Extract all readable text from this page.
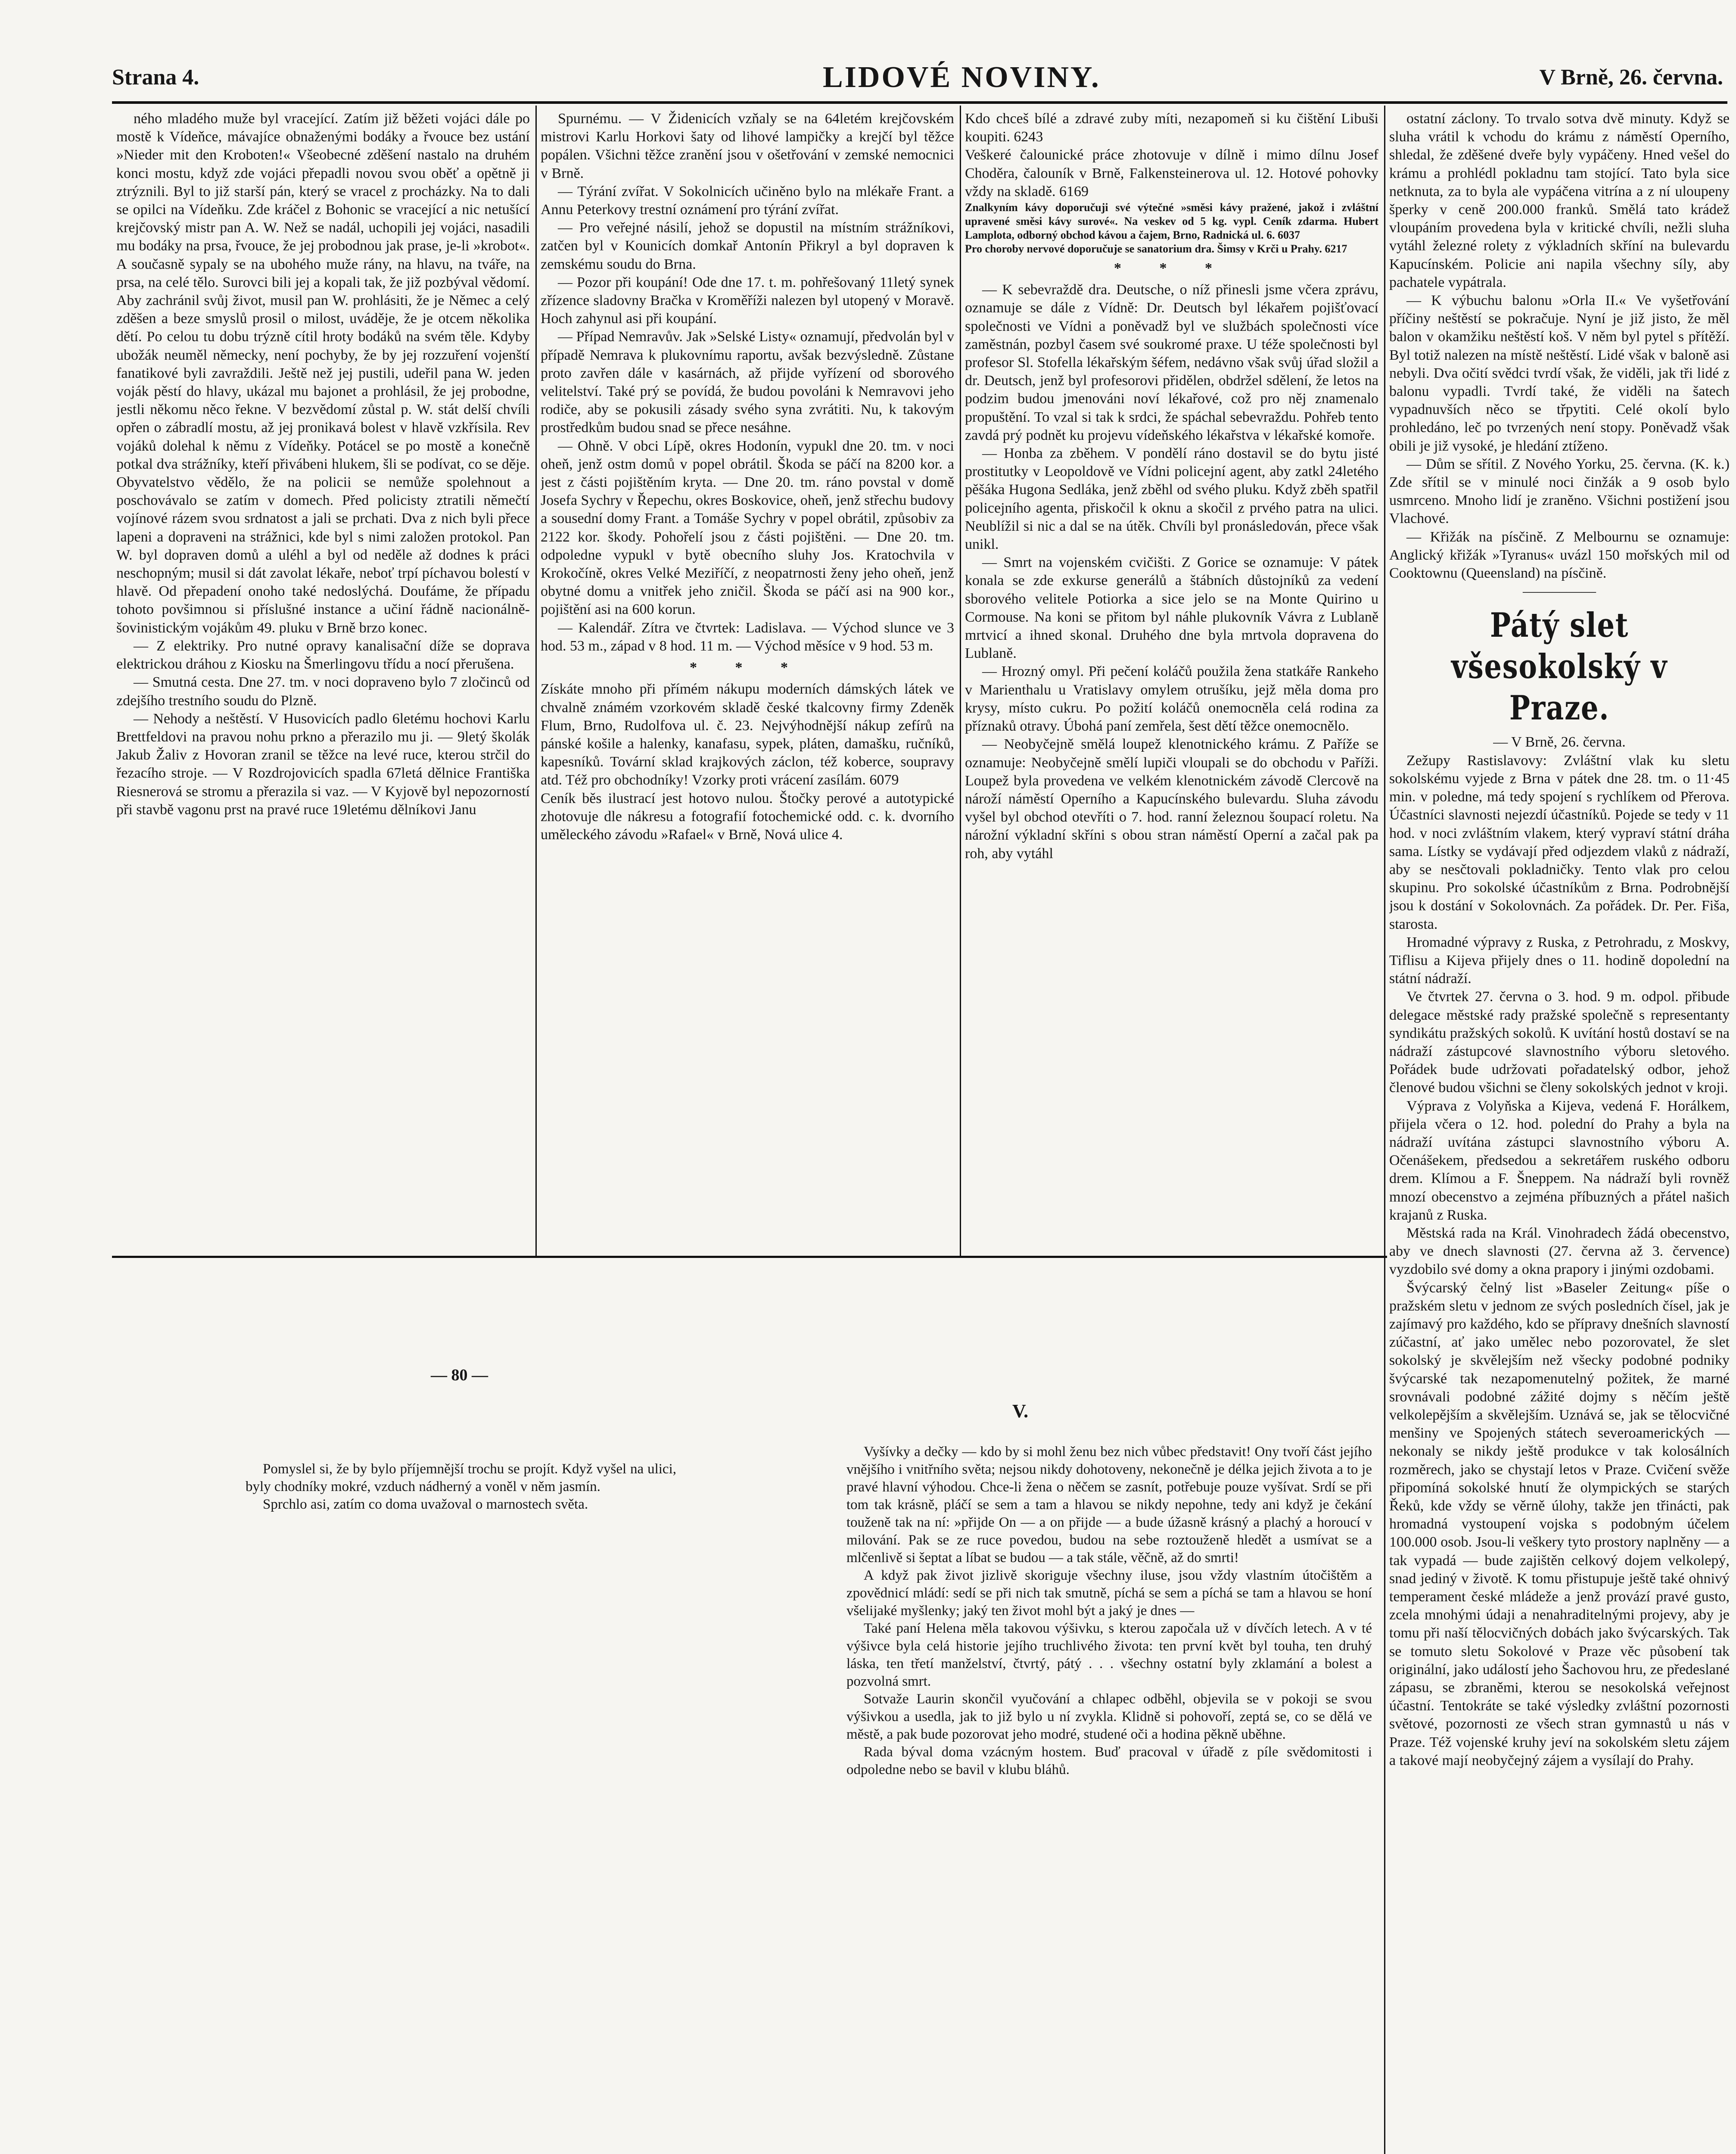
Strana 4.	LIDOVÉ NOVINY.	V Brně, 26. června.

ného mladého muže byl vracející. Zatím již běžeti vojáci dále po mostě k Vídeňce, mávajíce obnaženými bodáky a řvouce bez ustání »Nieder mit den Kroboten!« Všeobecné zděšení nastalo na druhém konci mostu, když zde vojáci přepadli novou svou oběť a opětně ji ztrýznili. Byl to již starší pán, který se vracel z procházky. Na to dali se opilci na Vídeňku. Zde kráčel z Bohonic se vracející a nic netušící krejčovský mistr pan A. W. Než se nadál, uchopili jej vojáci, nasadili mu bodáky na prsa, řvouce, že jej probodnou jak prase, je-li »krobot«. A současně sypaly se na ubohého muže rány, na hlavu, na tváře, na prsa, na celé tělo. Surovci bili jej a kopali tak, že již pozbýval vědomí. Aby zachránil svůj život, musil pan W. prohlásiti, že je Němec a celý zděšen a beze smyslů prosil o milost, uváděje, že je otcem několika dětí. Po celou tu dobu trýzně cítil hroty bodáků na svém těle. Kdyby ubožák neuměl německy, není pochyby, že by jej rozzuření vojenští fanatikové byli zavraždili. Ještě než jej pustili, udeřil pana W. jeden voják pěstí do hlavy, ukázal mu bajonet a prohlásil, že jej probodne, jestli někomu něco řekne. V bezvědomí zůstal p. W. stát delší chvíli opřen o zábradlí mostu, až jej pronikavá bolest v hlavě vzkřísila. Rev vojáků dolehal k němu z Vídeňky. Potácel se po mostě a konečně potkal dva strážníky, kteří přivábeni hlukem, šli se podívat, co se děje. Obyvatelstvo vědělo, že na policii se nemůže spolehnout a poschovávalo se zatím v domech. Před policisty ztratili němečtí vojínové rázem svou srdnatost a jali se prchati. Dva z nich byli přece lapeni a dopraveni na strážnici, kde byl s nimi založen protokol. Pan W. byl dopraven domů a uléhl a byl od neděle až dodnes k práci neschopným; musil si dát zavolat lékaře, neboť trpí píchavou bolestí v hlavě. Od přepadení onoho také nedoslýchá. Doufáme, že případu tohoto povšimnou si příslušné instance a učiní řádně nacionálně-šovinistickým vojákům 49. pluku v Brně brzo konec.

— Z elektriky. Pro nutné opravy kanalisační díže se doprava elektrickou dráhou z Kiosku na Šmerlingovu třídu a nocí přerušena.

— Smutná cesta. Dne 27. tm. v noci dopraveno bylo 7 zločinců od zdejšího trestního soudu do Plzně.

— Nehody a neštěstí. V Husovicích padlo 6letému hochovi Karlu Brettfeldovi na pravou nohu prkno a přerazilo mu ji. — 9letý školák Jakub Žaliv z Hovoran zranil se těžce na levé ruce, kterou strčil do řezacího stroje. — V Rozdrojovicích spadla 67letá dělnice Františka Riesnerová se stromu a přerazila si vaz. — V Kyjově byl nepozorností při stavbě vagonu prst na pravé ruce 19letému dělníkovi Janu

Spurnému. — V Židenicích vzňaly se na 64letém krejčovském mistrovi Karlu Horkovi šaty od lihové lampičky a krejčí byl těžce popálen. Všichni těžce zranění jsou v ošetřování v zemské nemocnici v Brně.

— Týrání zvířat. V Sokolnicích učiněno bylo na mlékaře Frant. a Annu Peterkovy trestní oznámení pro týrání zvířat.

— Pro veřejné násilí, jehož se dopustil na místním strážníkovi, zatčen byl v Kounicích domkař Antonín Přikryl a byl dopraven k zemskému soudu do Brna.

— Pozor při koupání! Ode dne 17. t. m. pohřešovaný 11letý synek zřízence sladovny Bračka v Kroměříži nalezen byl utopený v Moravě. Hoch zahynul asi při koupání.

— Případ Nemravův. Jak »Selské Listy« oznamují, předvolán byl v případě Nemrava k plukovnímu raportu, avšak bezvýsledně. Zůstane proto zavřen dále v kasárnách, až přijde vyřízení od sborového velitelství. Také prý se povídá, že budou povoláni k Nemravovi jeho rodiče, aby se pokusili zásady svého syna zvrátiti. Nu, k takovým prostředkům budou snad se přece nesáhne.

— Ohně. V obci Lípě, okres Hodonín, vypukl dne 20. tm. v noci oheň, jenž ostm domů v popel obrátil. Škoda se páčí na 8200 kor. a jest z části pojištěním kryta. — Dne 20. tm. ráno povstal v domě Josefa Sychry v Řepechu, okres Boskovice, oheň, jenž střechu budovy a sousední domy Frant. a Tomáše Sychry v popel obrátil, způsobiv za 2122 kor. škody. Pohořelí jsou z části pojištěni. — Dne 20. tm. odpoledne vypukl v bytě obecního sluhy Jos. Kratochvila v Krokočíně, okres Velké Meziříčí, z neopatrnosti ženy jeho oheň, jenž obytné domu a vnitřek jeho zničil. Škoda se páčí asi na 900 kor., pojištění asi na 600 korun.

— Kalendář. Zítra ve čtvrtek: Ladislava. — Východ slunce ve 3 hod. 53 m., západ v 8 hod. 11 m. — Východ měsíce v 9 hod. 53 m.

* * *

Získáte mnoho při přímém nákupu moderních dámských látek ve chvalně známém vzorkovém skladě české tkalcovny firmy Zdeněk Flum, Brno, Rudolfova ul. č. 23. Nejvýhodnější nákup zefírů na pánské košile a halenky, kanafasu, sypek, pláten, damašku, ručníků, kapesníků. Tovární sklad krajkových záclon, též koberce, soupravy atd. Též pro obchodníky! Vzorky proti vrácení zasílám. 6079

Ceník běs ilustrací jest hotovo nulou. Štočky perové a autotypické zhotovuje dle nákresu a fotografií fotochemické odd. c. k. dvorního uměleckého závodu »Rafael« v Brně, Nová ulice 4.

Kdo chceš bílé a zdravé zuby míti, nezapomeň si ku čištění Libuši koupiti. 6243

Veškeré čalounické práce zhotovuje v dílně i mimo dílnu Josef Choděra, čalouník v Brně, Falkensteinerova ul. 12. Hotové pohovky vždy na skladě. 6169

Znalkyním kávy doporučuji své výtečné »směsi kávy pražené, jakož i zvláštní upravené směsi kávy surové«. Na veskev od 5 kg. vypl. Ceník zdarma. Hubert Lamplota, odborný obchod kávou a čajem, Brno, Radnická ul. 6. 6037

Pro choroby nervové doporučuje se sanatorium dra. Šimsy v Krči u Prahy. 6217

* * *

— K sebevraždě dra. Deutsche, o níž přinesli jsme včera zprávu, oznamuje se dále z Vídně: Dr. Deutsch byl lékařem pojišťovací společnosti ve Vídni a poněvadž byl ve službách společnosti více zaměstnán, pozbyl časem své soukromé praxe. U téže společnosti byl profesor Sl. Stofella lékařským šéfem, nedávno však svůj úřad složil a dr. Deutsch, jenž byl profesorovi přidělen, obdržel sdělení, že letos na podzim budou jmenováni noví lékařové, což pro něj znamenalo propuštění. To vzal si tak k srdci, že spáchal sebevraždu. Pohřeb tento zavdá prý podnět ku projevu vídeňského lékařstva v lékařské komoře.

— Honba za zběhem. V pondělí ráno dostavil se do bytu jisté prostitutky v Leopoldově ve Vídni policejní agent, aby zatkl 24letého pěšáka Hugona Sedláka, jenž zběhl od svého pluku. Když zběh spatřil policejního agenta, přiskočil k oknu a skočil z prvého patra na ulici. Neublížil si nic a dal se na útěk. Chvíli byl pronásledován, přece však unikl.

— Smrt na vojenském cvičišti. Z Gorice se oznamuje: V pátek konala se zde exkurse generálů a štábních důstojníků za vedení sborového velitele Potiorka a sice jelo se na Monte Quirino u Cormouse. Na koni se přitom byl náhle plukovník Vávra z Lublaně mrtvicí a ihned skonal. Druhého dne byla mrtvola dopravena do Lublaně.

— Hrozný omyl. Při pečení koláčů použila žena statkáře Rankeho v Marienthalu u Vratislavy omylem otrušíku, jejž měla doma pro krysy, místo cukru. Po požití koláčů onemocněla celá rodina za příznaků otravy. Úbohá paní zemřela, šest dětí těžce onemocnělo.

— Neobyčejně smělá loupež klenotnického krámu. Z Paříže se oznamuje: Neobyčejně smělí lupiči vloupali se do obchodu v Paříži. Loupež byla provedena ve velkém klenotnickém závodě Clercově na nároží náměstí Operního a Kapucínského bulevardu. Sluha závodu vyšel byl obchod otevříti o 7. hod. ranní železnou šoupací roletu. Na nárožní výkladní skříni s obou stran náměstí Operní a začal pak pa roh, aby vytáhl

ostatní záclony. To trvalo sotva dvě minuty. Když se sluha vrátil k vchodu do krámu z náměstí Operního, shledal, že zděšené dveře byly vypáčeny. Hned vešel do krámu a prohlédl pokladnu tam stojící. Tato byla sice netknuta, za to byla ale vypáčena vitrína a z ní uloupeny šperky v ceně 200.000 franků. Smělá tato krádež vloupáním provedena byla v kritické chvíli, nežli sluha vytáhl železné rolety z výkladních skříní na bulevardu Kapucínském. Policie ani napila všechny síly, aby pachatele vypátrala.

— K výbuchu balonu »Orla II.« Ve vyšetřování příčiny neštěstí se pokračuje. Nyní je již jisto, že měl balon v okamžiku neštěstí koš. V něm byl pytel s přítěží. Byl totiž nalezen na místě neštěstí. Lidé však v baloně asi nebyli. Dva očití svědci tvrdí však, že viděli, jak tři lidé z balonu vypadli. Tvrdí také, že viděli na šatech vypadnuvších něco se třpytiti. Celé okolí bylo prohledáno, leč po tvrzených není stopy. Poněvadž však obili je již vysoké, je hledání ztíženo.

— Dům se sřítil. Z Nového Yorku, 25. června. (K. k.) Zde sřítil se v minulé noci činžák a 9 osob bylo usmrceno. Mnoho lidí je zraněno. Všichni postižení jsou Vlachové.

— Křižák na písčině. Z Melbournu se oznamuje: Anglický křižák »Tyranus« uvázl 150 mořských mil od Cooktownu (Queensland) na písčině.

—————

Pátý slet všesokolský v Praze.

— V Brně, 26. června.

Zežupy Rastislavovy: Zvláštní vlak ku sletu sokolskému vyjede z Brna v pátek dne 28. tm. o 11·45 min. v poledne, má tedy spojení s rychlíkem od Přerova. Účastníci slavnosti nejezdí účastníků. Pojede se tedy v 11 hod. v noci zvláštním vlakem, který vypraví státní dráha sama. Lístky se vydávají před odjezdem vlaků z nádraží, aby se nesčtovali pokladničky. Tento vlak pro celou skupinu. Pro sokolské účastníkům z Brna. Podrobnější jsou k dostání v Sokolovnách. Za pořádek. Dr. Per. Fiša, starosta.

Hromadné výpravy z Ruska, z Petrohradu, z Moskvy, Tiflisu a Kijeva přijely dnes o 11. hodině dopolední na státní nádraží.

Ve čtvrtek 27. června o 3. hod. 9 m. odpol. přibude delegace městské rady pražské společně s representanty syndikátu pražských sokolů. K uvítání hostů dostaví se na nádraží zástupcové slavnostního výboru sletového. Pořádek bude udržovati pořadatelský odbor, jehož členové budou všichni se členy sokolských jednot v kroji.

Výprava z Volyňska a Kijeva, vedená F. Horálkem, přijela včera o 12. hod. polední do Prahy a byla na nádraží uvítána zástupci slavnostního výboru A. Očenášekem, předsedou a sekretářem ruského odboru drem. Klímou a F. Šneppem. Na nádraží byli rovněž mnozí obecenstvo a zejména příbuzných a přátel našich krajanů z Ruska.

Městská rada na Král. Vinohradech žádá obecenstvo, aby ve dnech slavnosti (27. června až 3. července) vyzdobilo své domy a okna prapory i jinými ozdobami.

Švýcarský čelný list »Baseler Zeitung« píše o pražském sletu v jednom ze svých posledních čísel, jak je zajímavý pro každého, kdo se přípravy dnešních slavností zúčastní, ať jako umělec nebo pozorovatel, že slet sokolský je skvělejším než všecky podobné podniky švýcarské tak nezapomenutelný požitek, že marné srovnávali podobné zážité dojmy s něčím ještě velkolepějším a skvělejším. Uznává se, jak se tělocvičné menšiny ve Spojených státech severoamerických — nekonaly se nikdy ještě produkce v tak kolosálních rozměrech, jako se chystají letos v Praze. Cvičení svěže připomíná sokolské hnutí že olympických se starých Řeků, kde vždy se věrně úlohy, takže jen třinácti, pak hromadná vystoupení vojska s podobným účelem 100.000 osob. Jsou-li veškery tyto prostory naplněny — a tak vypadá — bude zajištěn celkový dojem velkolepý, snad jediný v životě. K tomu přistupuje ještě také ohnivý temperament české mládeže a jenž provází pravé gusto, zcela mnohými údaji a nenahraditelnými projevy, aby je tomu při naší tělocvičných dobách jako švýcarských. Tak se tomuto sletu Sokolové v Praze věc působení tak originální, jako událostí jeho Šachovou hru, ze předeslané zápasu, se zbraněmi, kterou se nesokolská veřejnost účastní. Tentokráte se také výsledky zvláštní pozornosti světové, pozornosti ze všech stran gymnastů u nás v Praze. Též vojenské kruhy jeví na sokolském sletu zájem a takové mají neobyčejný zájem a vysílají do Prahy.

— 80 —
V.

Pomyslel si, že by bylo příjemnější trochu se projít. Když vyšel na ulici, byly chodníky mokré, vzduch nádherný a voněl v něm jasmín.

Sprchlo asi, zatím co doma uvažoval o marnostech světa.

Vyšívky a dečky — kdo by si mohl ženu bez nich vůbec představit! Ony tvoří část jejího vnějšího i vnitřního světa; nejsou nikdy dohotoveny, nekonečně je délka jejich života a to je pravé hlavní výhodou. Chce-li žena o něčem se zasnít, potřebuje pouze vyšívat. Srdí se při tom tak krásně, pláčí se sem a tam a hlavou se nikdy nepohne, tedy ani když je čekání touženě tak na ní: »přijde On — a on přijde — a bude úžasně krásný a plachý a horoucí v milování. Pak se ze ruce povedou, budou na sebe roztouženě hledět a usmívat se a mlčenlivě si šeptat a líbat se budou — a tak stále, věčně, až do smrti!

A když pak život jizlivě skoriguje všechny iluse, jsou vždy vlastním útočištěm a zpovědnicí mládí: sedí se při nich tak smutně, píchá se sem a píchá se tam a hlavou se honí všelijaké myšlenky; jaký ten život mohl být a jaký je dnes —

Také paní Helena měla takovou výšivku, s kterou započala už v dívčích letech. A v té výšivce byla celá historie jejího truchlivého života: ten první květ byl touha, ten druhý láska, ten třetí manželství, čtvrtý, pátý . . . všechny ostatní byly zklamání a bolest a pozvolná smrt.

Sotvaže Laurin skončil vyučování a chlapec odběhl, objevila se v pokoji se svou výšivkou a usedla, jak to již bylo u ní zvykla. Klidně si pohovoří, zeptá se, co se dělá ve městě, a pak bude pozorovat jeho modré, studené oči a hodina pěkně uběhne.

Rada býval doma vzácným hostem. Buď pracoval v úřadě z píle svědomitosti i odpoledne nebo se bavil v klubu bláhů.
